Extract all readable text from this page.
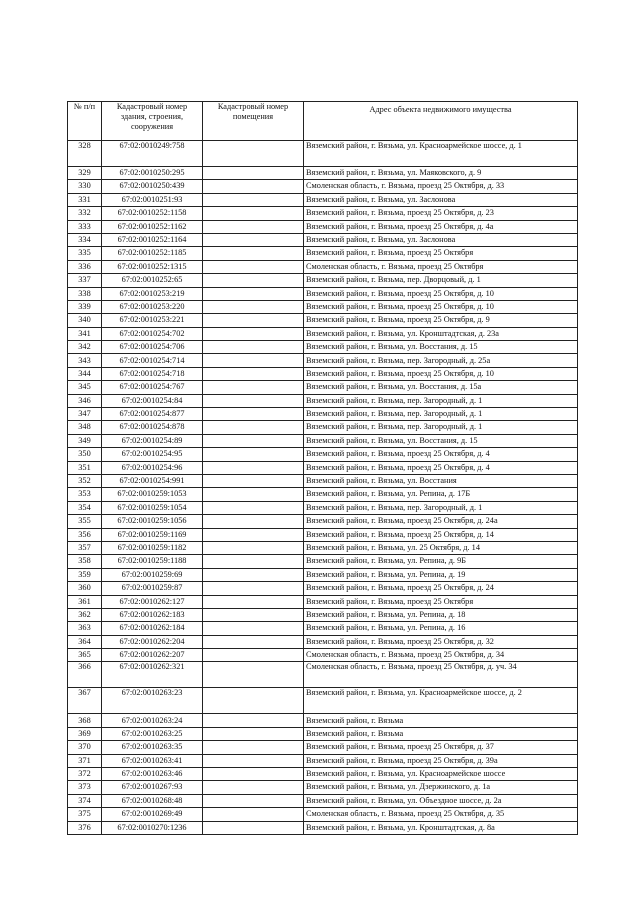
№ п/п	Кадастровый номер здания, строения, сооружения	Кадастровый номер помещения	Адрес объекта недвижимого имущества
328	67:02:0010249:758		Вяземский район, г. Вязьма, ул. Красноармейское шоссе, д. 1
329	67:02:0010250:295		Вяземский район, г. Вязьма, ул. Маяковского, д. 9
330	67:02:0010250:439		Смоленская область, г. Вязьма, проезд 25 Октября, д. 33
331	67:02:0010251:93		Вяземский район, г. Вязьма, ул. Заслонова
332	67:02:0010252:1158		Вяземский район, г. Вязьма, проезд 25 Октября, д. 23
333	67:02:0010252:1162		Вяземский район, г. Вязьма, проезд 25 Октября, д. 4а
334	67:02:0010252:1164		Вяземский район, г. Вязьма, ул. Заслонова
335	67:02:0010252:1185		Вяземский район, г. Вязьма, проезд 25 Октября
336	67:02:0010252:1315		Смоленская область, г. Вязьма, проезд 25 Октября
337	67:02:0010252:65		Вяземский район, г. Вязьма, пер. Дворцовый, д. 1
338	67:02:0010253:219		Вяземский район, г. Вязьма, проезд 25 Октября, д. 10
339	67:02:0010253:220		Вяземский район, г. Вязьма, проезд 25 Октября, д. 10
340	67:02:0010253:221		Вяземский район, г. Вязьма, проезд 25 Октября, д. 9
341	67:02:0010254:702		Вяземский район, г. Вязьма, ул. Кронштадтская, д. 23а
342	67:02:0010254:706		Вяземский район, г. Вязьма, ул. Восстания, д. 15
343	67:02:0010254:714		Вяземский район, г. Вязьма, пер. Загородный, д. 25а
344	67:02:0010254:718		Вяземский район, г. Вязьма, проезд 25 Октября, д. 10
345	67:02:0010254:767		Вяземский район, г. Вязьма, ул. Восстания, д. 15а
346	67:02:0010254:84		Вяземский район, г. Вязьма, пер. Загородный, д. 1
347	67:02:0010254:877		Вяземский район, г. Вязьма, пер. Загородный, д. 1
348	67:02:0010254:878		Вяземский район, г. Вязьма, пер. Загородный, д. 1
349	67:02:0010254:89		Вяземский район, г. Вязьма, ул. Восстания, д. 15
350	67:02:0010254:95		Вяземский район, г. Вязьма, проезд 25 Октября, д. 4
351	67:02:0010254:96		Вяземский район, г. Вязьма, проезд 25 Октября, д. 4
352	67:02:0010254:991		Вяземский район, г. Вязьма, ул. Восстания
353	67:02:0010259:1053		Вяземский район, г. Вязьма, ул. Репина, д. 17Б
354	67:02:0010259:1054		Вяземский район, г. Вязьма, пер. Загородный, д. 1
355	67:02:0010259:1056		Вяземский район, г. Вязьма, проезд 25 Октября, д. 24а
356	67:02:0010259:1169		Вяземский район, г. Вязьма, проезд 25 Октября, д. 14
357	67:02:0010259:1182		Вяземский район, г. Вязьма, ул. 25 Октября, д. 14
358	67:02:0010259:1188		Вяземский район, г. Вязьма, ул. Репина, д. 9Б
359	67:02:0010259:69		Вяземский район, г. Вязьма, ул. Репина, д. 19
360	67:02:0010259:87		Вяземский район, г. Вязьма, проезд 25 Октября, д. 24
361	67:02:0010262:127		Вяземский район, г. Вязьма, проезд 25 Октября
362	67:02:0010262:183		Вяземский район, г. Вязьма, ул. Репина, д. 18
363	67:02:0010262:184		Вяземский район, г. Вязьма, ул. Репина, д. 16
364	67:02:0010262:204		Вяземский район, г. Вязьма, проезд 25 Октября, д. 32
365	67:02:0010262:207		Смоленская область, г. Вязьма, проезд 25 Октября, д. 34
366	67:02:0010262:321		Смоленская область, г. Вязьма, проезд 25 Октября, д. уч. 34
367	67:02:0010263:23		Вяземский район, г. Вязьма, ул. Красноармейское шоссе, д. 2
368	67:02:0010263:24		Вяземский район, г. Вязьма
369	67:02:0010263:25		Вяземский район, г. Вязьма
370	67:02:0010263:35		Вяземский район, г. Вязьма, проезд 25 Октября, д. 37
371	67:02:0010263:41		Вяземский район, г. Вязьма, проезд 25 Октября, д. 39а
372	67:02:0010263:46		Вяземский район, г. Вязьма, ул. Красноармейское шоссе
373	67:02:0010267:93		Вяземский район, г. Вязьма, ул. Дзержинского, д. 1а
374	67:02:0010268:48		Вяземский район, г. Вязьма, ул. Объездное шоссе, д. 2а
375	67:02:0010269:49		Смоленская область, г. Вязьма, проезд 25 Октября, д. 35
376	67:02:0010270:1236		Вяземский район, г. Вязьма, ул. Кронштадтская, д. 8а
